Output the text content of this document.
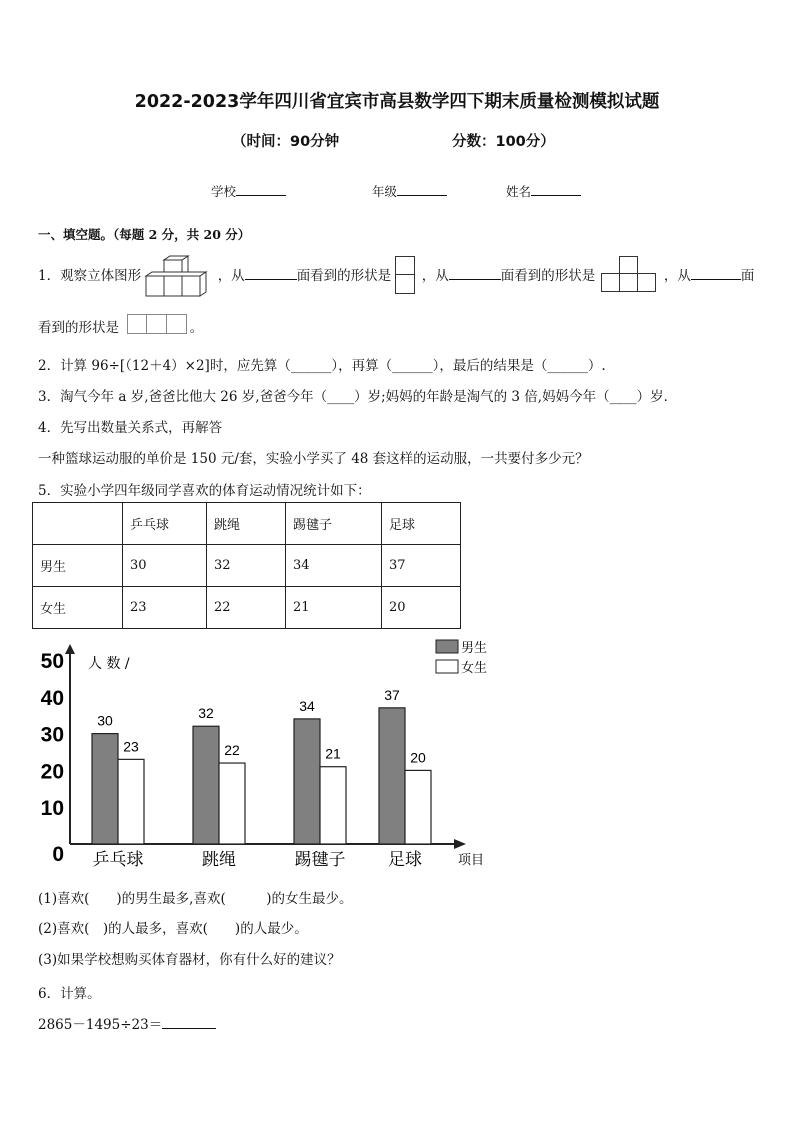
2022-2023学年四川省宜宾市高县数学四下期末质量检测模拟试题
（时间：90分钟	分数：100分）
学校	年级	姓名
一、填空题。（每题 2 分，共 20 分）
1．观察立体图形	，从	面看到的形状是 ，从	面看到的形状是	，从	面
看到的形状是	。
2．计算 96÷[（12＋4）×2]时，应先算（______），再算（______），最后的结果是（______）.
3．淘气今年 a 岁,爸爸比他大 26 岁,爸爸今年（____）岁;妈妈的年龄是淘气的 3 倍,妈妈今年（____）岁．
4．先写出数量关系式，再解答
一种篮球运动服的单价是 150 元/套，实验小学买了 48 套这样的运动服，一共要付多少元？
5．实验小学四年级同学喜欢的体育运动情况统计如下：
	乒乓球	跳绳	踢毽子	足球
男生	30	32	34	37
女生	23	22	21	20
0
10
20
30
40
50 人 数 /
项目
30
23
乒乓球
32
22
跳绳
34
21
踢毽子
37
20
足球
男生
女生
(1)喜欢(　　)的男生最多,喜欢(　　　)的女生最少。
(2)喜欢(　)的人最多，喜欢(　　)的人最少。
(3)如果学校想购买体育器材，你有什么好的建议？
6．计算。
2865－1495÷23＝
